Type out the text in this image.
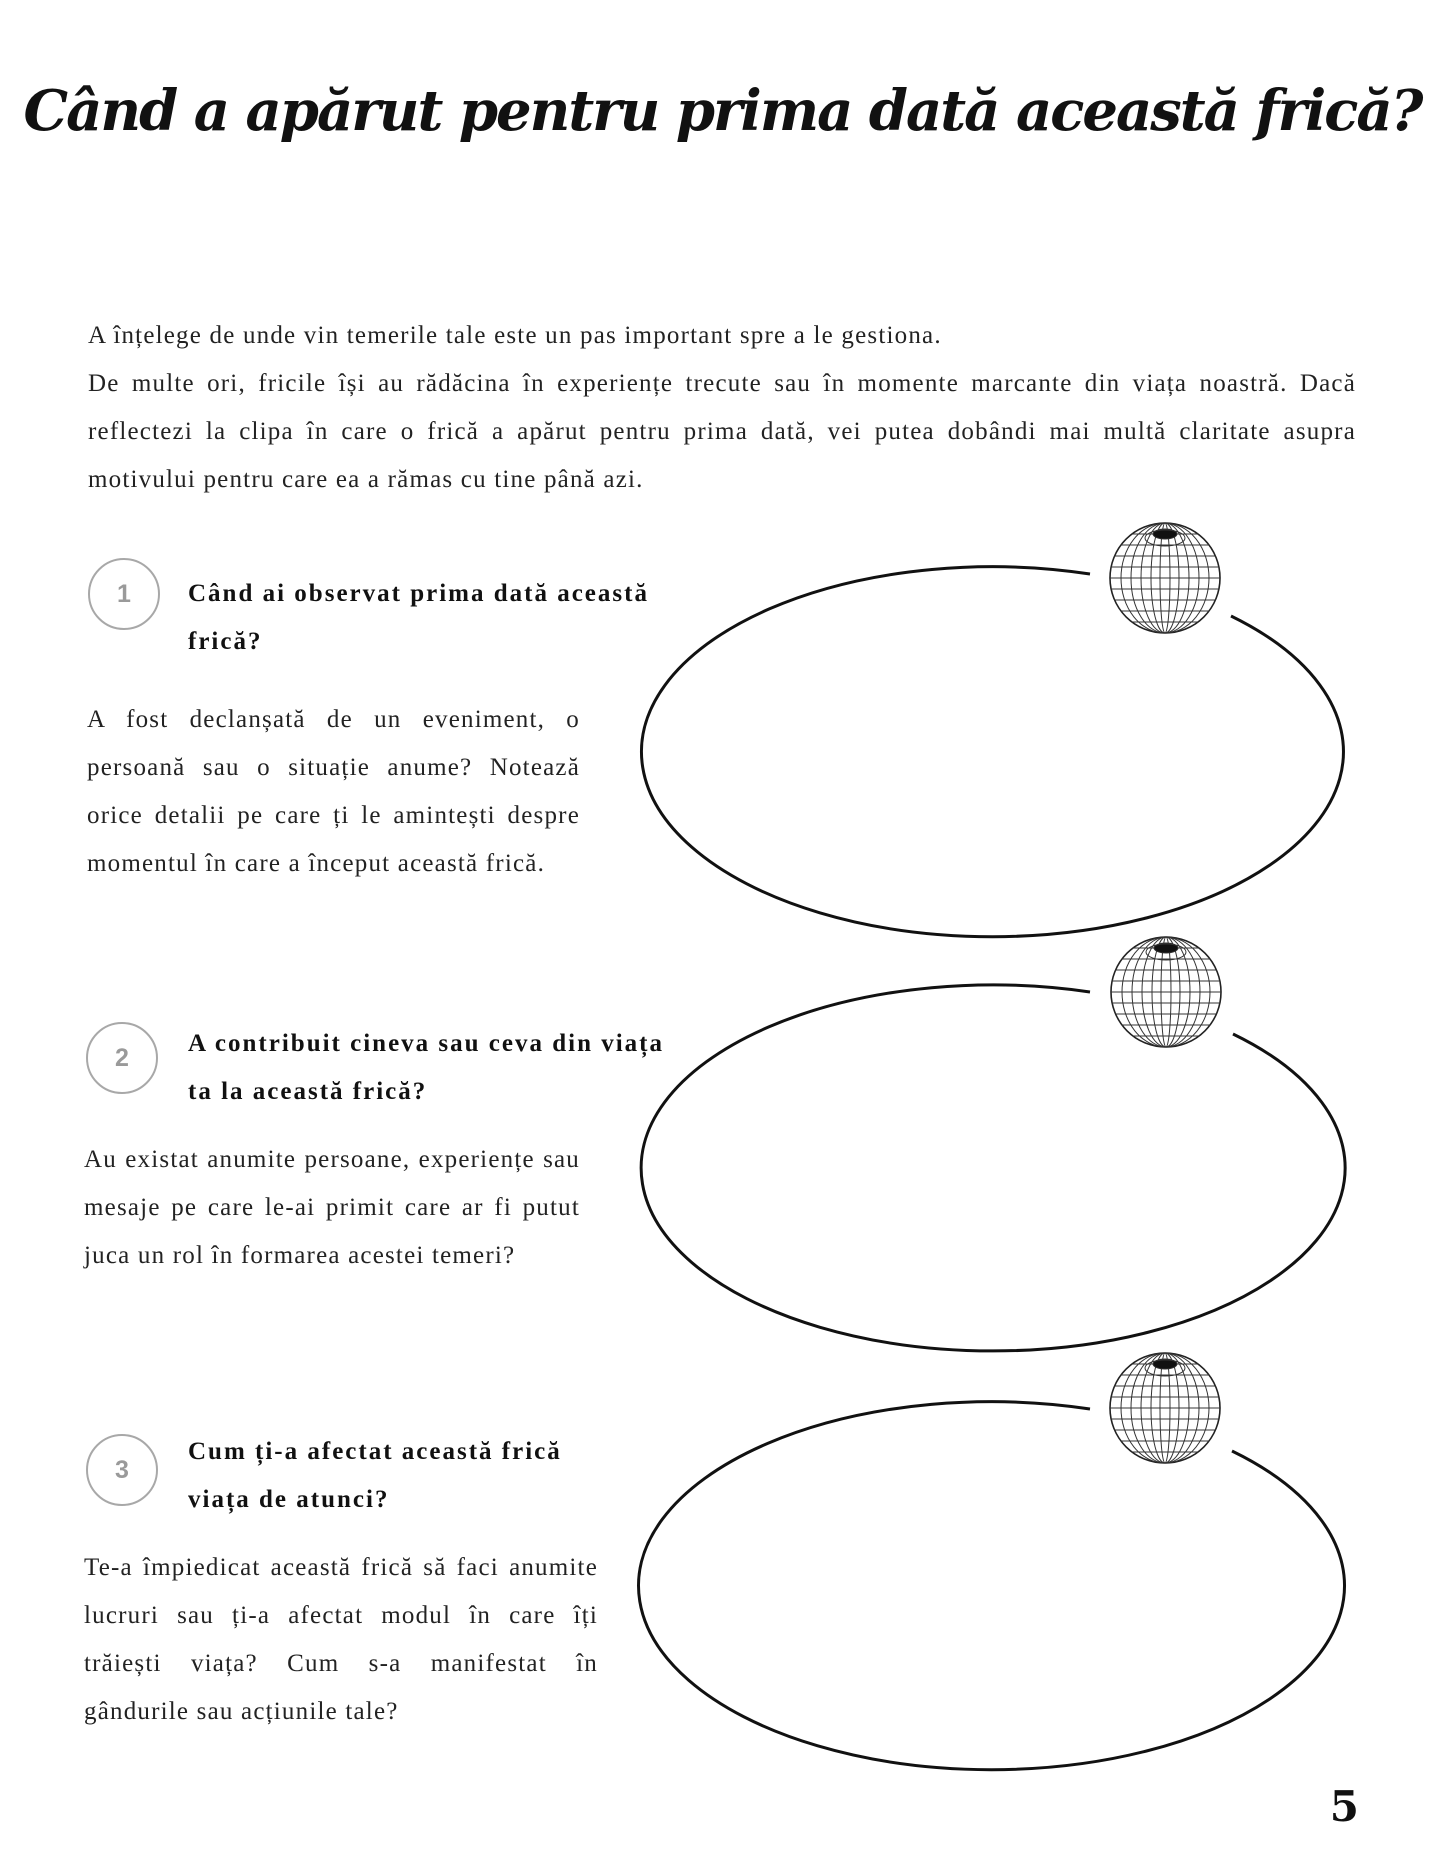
Când a apărut pentru prima dată această frică?

A înțelege de unde vin temerile tale este un pas important spre a le gestiona.

De multe ori, fricile își au rădăcina în experiențe trecute sau în momente marcante din viața noastră. Dacă reflectezi la clipa în care o frică a apărut pentru prima dată, vei putea dobândi mai multă claritate asupra motivului pentru care ea a rămas cu tine până azi.

1	Când ai observat prima dată această frică?

A fost declanșată de un eveniment, o persoană sau o situație anume? Notează orice detalii pe care ți le amintești despre momentul în care a început această frică.

2	A contribuit cineva sau ceva din viața ta la această frică?

Au existat anumite persoane, experiențe sau mesaje pe care le-ai primit care ar fi putut juca un rol în formarea acestei temeri?

3

Cum ți-a afectat această frică viața de atunci?

Te-a împiedicat această frică să faci anumite lucruri sau ți-a afectat modul în care îți trăiești viața? Cum s-a manifestat în gândurile sau acțiunile tale?

5
